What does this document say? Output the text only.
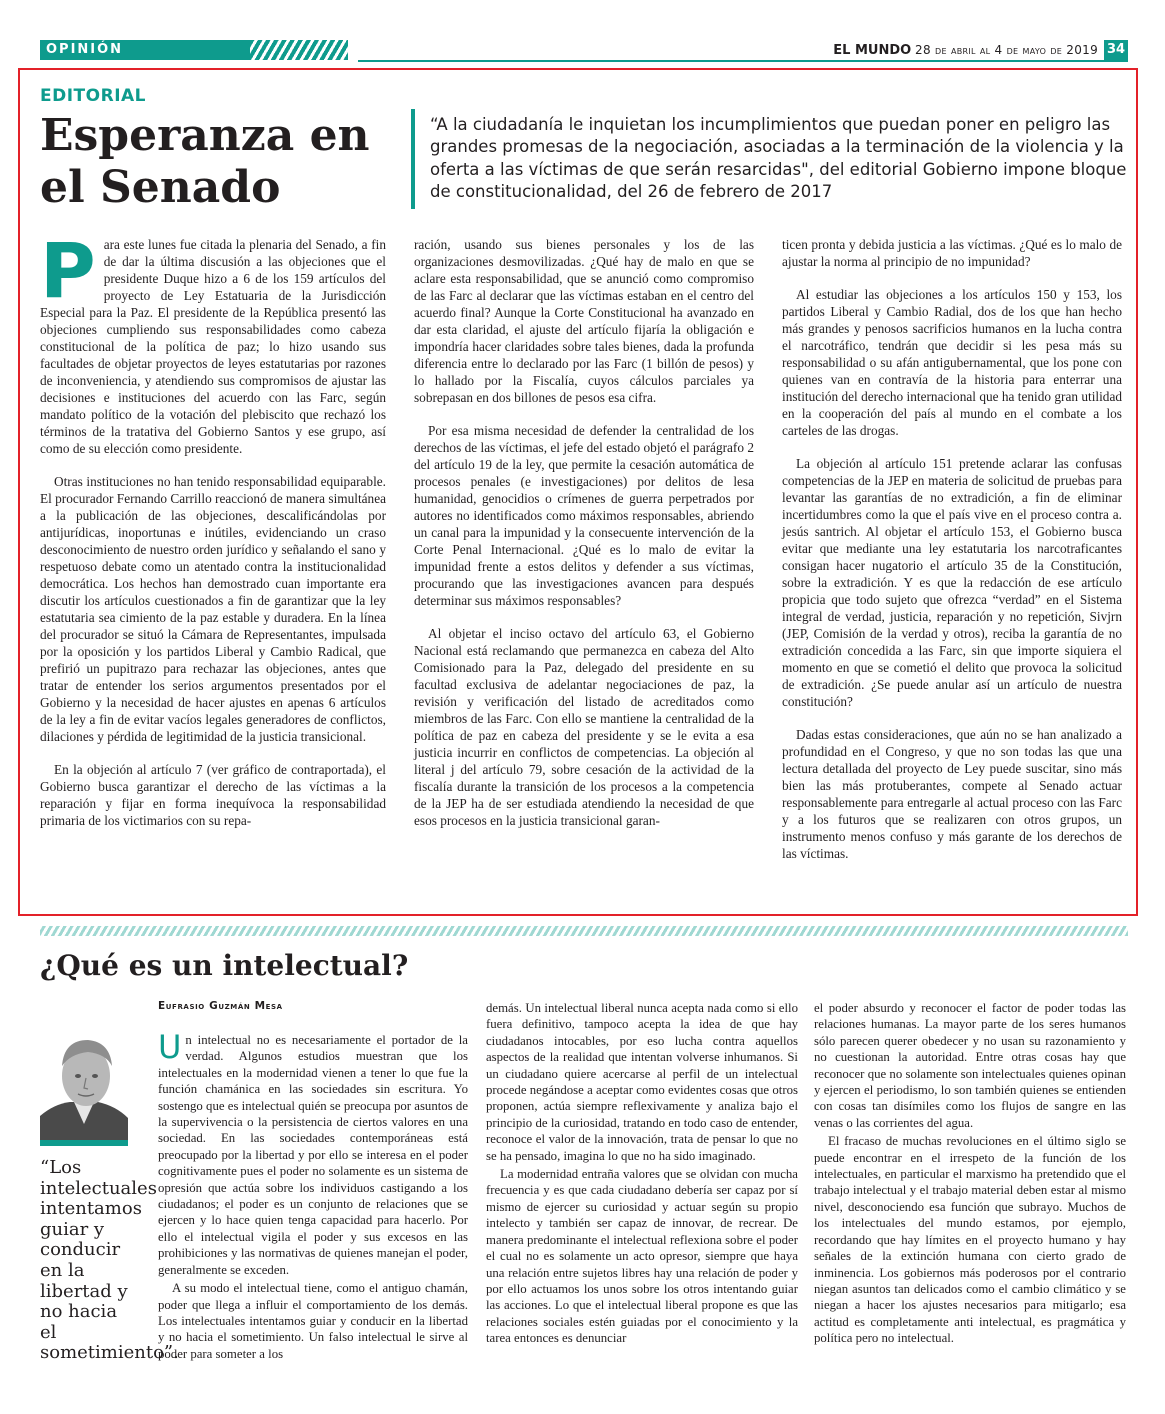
OPINIÓN	EL MUNDO 28 de abril al 4 de mayo de 2019 34
EDITORIAL
Esperanza en el Senado

“A la ciudadanía le inquietan los incumplimientos que puedan poner en peligro las grandes promesas de la negociación, asociadas a la terminación de la violencia y la oferta a las víctimas de que serán resarcidas", del editorial Gobierno impone bloque de constitucionalidad, del 26 de febrero de 2017

Para este lunes fue citada la plenaria del Senado, a fin de dar la última discusión a las objeciones que el presidente Duque hizo a 6 de los 159 artículos del proyecto de Ley Estatuaria de la Jurisdicción Especial para la Paz. El presidente de la República presentó las objeciones cumpliendo sus responsabilidades como cabeza constitucional de la política de paz; lo hizo usando sus facultades de objetar proyectos de leyes estatutarias por razones de inconveniencia, y atendiendo sus compromisos de ajustar las decisiones e instituciones del acuerdo con las Farc, según mandato político de la votación del plebiscito que rechazó los términos de la tratativa del Gobierno Santos y ese grupo, así como de su elección como presidente.

Otras instituciones no han tenido responsabilidad equiparable. El procurador Fernando Carrillo reaccionó de manera simultánea a la publicación de las objeciones, descalificándolas por antijurídicas, inoportunas e inútiles, evidenciando un craso desconocimiento de nuestro orden jurídico y señalando el sano y respetuoso debate como un atentado contra la institucionalidad democrática. Los hechos han demostrado cuan importante era discutir los artículos cuestionados a fin de garantizar que la ley estatutaria sea cimiento de la paz estable y duradera. En la línea del procurador se situó la Cámara de Representantes, impulsada por la oposición y los partidos Liberal y Cambio Radical, que prefirió un pupitrazo para rechazar las objeciones, antes que tratar de entender los serios argumentos presentados por el Gobierno y la necesidad de hacer ajustes en apenas 6 artículos de la ley a fin de evitar vacíos legales generadores de conflictos, dilaciones y pérdida de legitimidad de la justicia transicional.

En la objeción al artículo 7 (ver gráfico de contraportada), el Gobierno busca garantizar el derecho de las víctimas a la reparación y fijar en forma inequívoca la responsabilidad primaria de los victimarios con su repa-

ración, usando sus bienes personales y los de las organizaciones desmovilizadas. ¿Qué hay de malo en que se aclare esta responsabilidad, que se anunció como compromiso de las Farc al declarar que las víctimas estaban en el centro del acuerdo final? Aunque la Corte Constitucional ha avanzado en dar esta claridad, el ajuste del artículo fijaría la obligación e impondría hacer claridades sobre tales bienes, dada la profunda diferencia entre lo declarado por las Farc (1 billón de pesos) y lo hallado por la Fiscalía, cuyos cálculos parciales ya sobrepasan en dos billones de pesos esa cifra.

Por esa misma necesidad de defender la centralidad de los derechos de las víctimas, el jefe del estado objetó el parágrafo 2 del artículo 19 de la ley, que permite la cesación automática de procesos penales (e investigaciones) por delitos de lesa humanidad, genocidios o crímenes de guerra perpetrados por autores no identificados como máximos responsables, abriendo un canal para la impunidad y la consecuente intervención de la Corte Penal Internacional. ¿Qué es lo malo de evitar la impunidad frente a estos delitos y defender a sus víctimas, procurando que las investigaciones avancen para después determinar sus máximos responsables?

Al objetar el inciso octavo del artículo 63, el Gobierno Nacional está reclamando que permanezca en cabeza del Alto Comisionado para la Paz, delegado del presidente en su facultad exclusiva de adelantar negociaciones de paz, la revisión y verificación del listado de acreditados como miembros de las Farc. Con ello se mantiene la centralidad de la política de paz en cabeza del presidente y se le evita a esa justicia incurrir en conflictos de competencias. La objeción al literal j del artículo 79, sobre cesación de la actividad de la fiscalía durante la transición de los procesos a la competencia de la JEP ha de ser estudiada atendiendo la necesidad de que esos procesos en la justicia transicional garan-

ticen pronta y debida justicia a las víctimas. ¿Qué es lo malo de ajustar la norma al principio de no impunidad?

Al estudiar las objeciones a los artículos 150 y 153, los partidos Liberal y Cambio Radial, dos de los que han hecho más grandes y penosos sacrificios humanos en la lucha contra el narcotráfico, tendrán que decidir si les pesa más su responsabilidad o su afán antigubernamental, que los pone con quienes van en contravía de la historia para enterrar una institución del derecho internacional que ha tenido gran utilidad en la cooperación del país al mundo en el combate a los carteles de las drogas.

La objeción al artículo 151 pretende aclarar las confusas competencias de la JEP en materia de solicitud de pruebas para levantar las garantías de no extradición, a fin de eliminar incertidumbres como la que el país vive en el proceso contra a. jesús santrich. Al objetar el artículo 153, el Gobierno busca evitar que mediante una ley estatutaria los narcotraficantes consigan hacer nugatorio el artículo 35 de la Constitución, sobre la extradición. Y es que la redacción de ese artículo propicia que todo sujeto que ofrezca “verdad” en el Sistema integral de verdad, justicia, reparación y no repetición, Sivjrn (JEP, Comisión de la verdad y otros), reciba la garantía de no extradición concedida a las Farc, sin que importe siquiera el momento en que se cometió el delito que provoca la solicitud de extradición. ¿Se puede anular así un artículo de nuestra constitución?

Dadas estas consideraciones, que aún no se han analizado a profundidad en el Congreso, y que no son todas las que una lectura detallada del proyecto de Ley puede suscitar, sino más bien las más protuberantes, compete al Senado actuar responsablemente para entregarle al actual proceso con las Farc y a los futuros que se realizaren con otros grupos, un instrumento menos confuso y más garante de los derechos de las víctimas.

¿Qué es un intelectual?
Eufrasio Guzmán Mesa

“Los intelectuales intentamos guiar y conducir en la libertad y no hacia el sometimiento”.

Un intelectual no es necesariamente el portador de la verdad. Algunos estudios muestran que los intelectuales en la modernidad vienen a tener lo que fue la función chamánica en las sociedades sin escritura. Yo sostengo que es intelectual quién se preocupa por asuntos de la supervivencia o la persistencia de ciertos valores en una sociedad. En las sociedades contemporáneas está preocupado por la libertad y por ello se interesa en el poder cognitivamente pues el poder no solamente es un sistema de opresión que actúa sobre los individuos castigando a los ciudadanos; el poder es un conjunto de relaciones que se ejercen y lo hace quien tenga capacidad para hacerlo. Por ello el intelectual vigila el poder y sus excesos en las prohibiciones y las normativas de quienes manejan el poder, generalmente se exceden.

A su modo el intelectual tiene, como el antiguo chamán, poder que llega a influir el comportamiento de los demás. Los intelectuales intentamos guiar y conducir en la libertad y no hacia el sometimiento. Un falso intelectual le sirve al poder para someter a los

demás. Un intelectual liberal nunca acepta nada como si ello fuera definitivo, tampoco acepta la idea de que hay ciudadanos intocables, por eso lucha contra aquellos aspectos de la realidad que intentan volverse inhumanos. Si un ciudadano quiere acercarse al perfil de un intelectual procede negándose a aceptar como evidentes cosas que otros proponen, actúa siempre reflexivamente y analiza bajo el principio de la curiosidad, tratando en todo caso de entender, reconoce el valor de la innovación, trata de pensar lo que no se ha pensado, imagina lo que no ha sido imaginado.

La modernidad entraña valores que se olvidan con mucha frecuencia y es que cada ciudadano debería ser capaz por sí mismo de ejercer su curiosidad y actuar según su propio intelecto y también ser capaz de innovar, de recrear. De manera predominante el intelectual reflexiona sobre el poder el cual no es solamente un acto opresor, siempre que haya una relación entre sujetos libres hay una relación de poder y por ello actuamos los unos sobre los otros intentando guiar las acciones. Lo que el intelectual liberal propone es que las relaciones sociales estén guiadas por el conocimiento y la tarea entonces es denunciar

el poder absurdo y reconocer el factor de poder todas las relaciones humanas. La mayor parte de los seres humanos sólo parecen querer obedecer y no usan su razonamiento y no cuestionan la autoridad. Entre otras cosas hay que reconocer que no solamente son intelectuales quienes opinan y ejercen el periodismo, lo son también quienes se entienden con cosas tan disímiles como los flujos de sangre en las venas o las corrientes del agua.

El fracaso de muchas revoluciones en el último siglo se puede encontrar en el irrespeto de la función de los intelectuales, en particular el marxismo ha pretendido que el trabajo intelectual y el trabajo material deben estar al mismo nivel, desconociendo esa función que subrayo. Muchos de los intelectuales del mundo estamos, por ejemplo, recordando que hay límites en el proyecto humano y hay señales de la extinción humana con cierto grado de inminencia. Los gobiernos más poderosos por el contrario niegan asuntos tan delicados como el cambio climático y se niegan a hacer los ajustes necesarios para mitigarlo; esa actitud es completamente anti intelectual, es pragmática y política pero no intelectual.
